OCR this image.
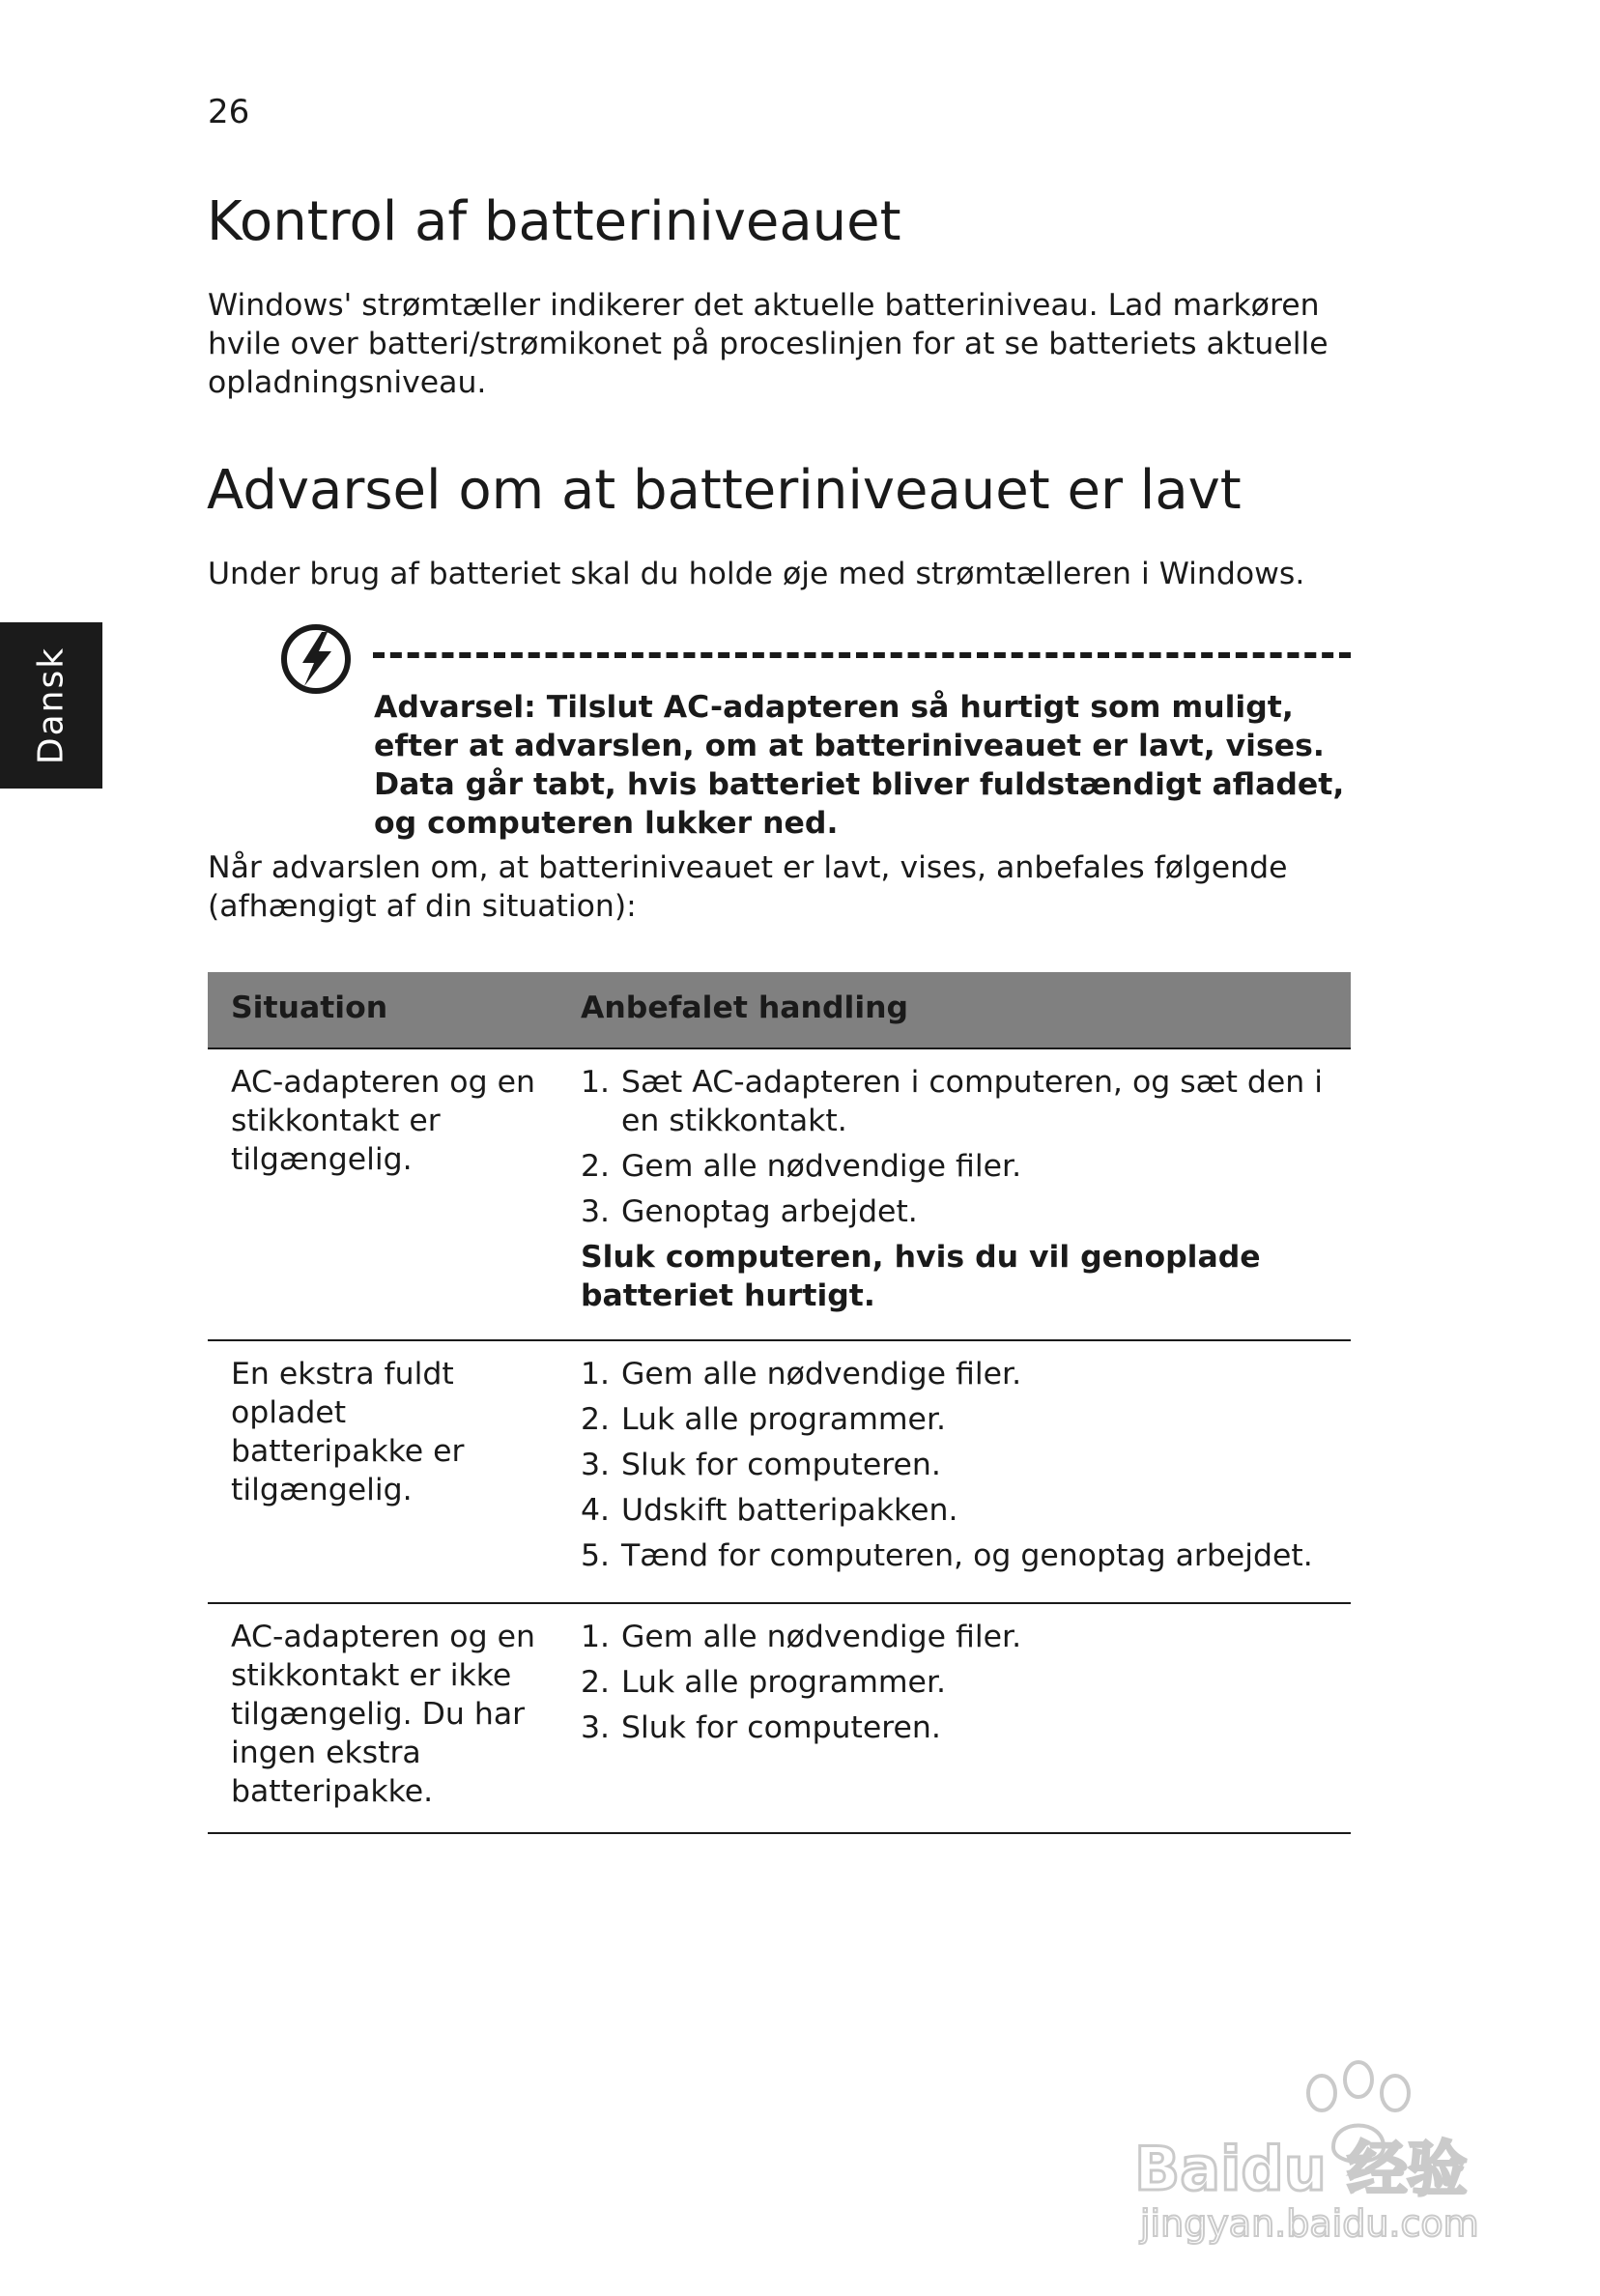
26
Dansk
Kontrol af batteriniveauet

Windows' strømtæller indikerer det aktuelle batteriniveau. Lad markøren hvile over batteri/strømikonet på proceslinjen for at se batteriets aktuelle opladningsniveau.

Advarsel om at batteriniveauet er lavt

Under brug af batteriet skal du holde øje med strømtælleren i Windows.

Advarsel: Tilslut AC-adapteren så hurtigt som muligt, efter at advarslen, om at batteriniveauet er lavt, vises. Data går tabt, hvis batteriet bliver fuldstændigt afladet, og computeren lukker ned.

Når advarslen om, at batteriniveauet er lavt, vises, anbefales følgende (afhængigt af din situation):

Situation	Anbefalet handling
AC-adapteren og en stikkontakt er tilgængelig.
1. Sæt AC-adapteren i computeren, og sæt den i en stikkontakt.
2. Gem alle nødvendige filer.
3. Genoptag arbejdet.
Sluk computeren, hvis du vil genoplade batteriet hurtigt.
En ekstra fuldt opladet batteripakke er tilgængelig.
1. Gem alle nødvendige filer.
2. Luk alle programmer.
3. Sluk for computeren.
4. Udskift batteripakken.
5. Tænd for computeren, og genoptag arbejdet.
AC-adapteren og en stikkontakt er ikke tilgængelig. Du har ingen ekstra batteripakke.
1. Gem alle nødvendige filer.
2. Luk alle programmer.
3. Sluk for computeren.
Baidu 经验
jingyan.baidu.com
